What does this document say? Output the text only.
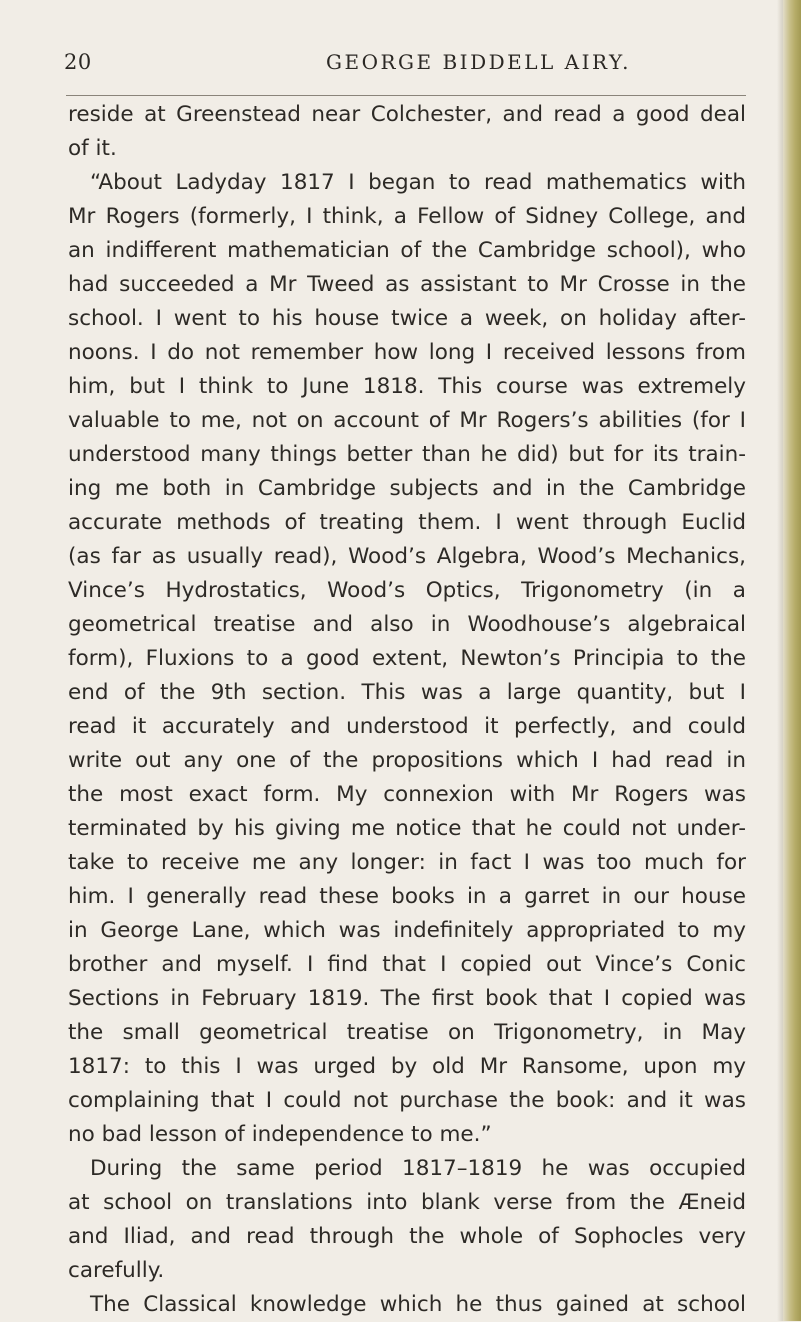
20	GEORGE BIDDELL AIRY.
reside at Greenstead near Colchester, and read a good deal
of it.
“About Ladyday 1817 I began to read mathematics with
Mr Rogers (formerly, I think, a Fellow of Sidney College, and
an indifferent mathematician of the Cambridge school), who
had succeeded a Mr Tweed as assistant to Mr Crosse in the
school. I went to his house twice a week, on holiday after-
noons. I do not remember how long I received lessons from
him, but I think to June 1818. This course was extremely
valuable to me, not on account of Mr Rogers’s abilities (for I
understood many things better than he did) but for its train-
ing me both in Cambridge subjects and in the Cambridge
accurate methods of treating them. I went through Euclid
(as far as usually read), Wood’s Algebra, Wood’s Mechanics,
Vince’s Hydrostatics, Wood’s Optics, Trigonometry (in a
geometrical treatise and also in Woodhouse’s algebraical
form), Fluxions to a good extent, Newton’s Principia to the
end of the 9th section. This was a large quantity, but I
read it accurately and understood it perfectly, and could
write out any one of the propositions which I had read in
the most exact form. My connexion with Mr Rogers was
terminated by his giving me notice that he could not under-
take to receive me any longer: in fact I was too much for
him. I generally read these books in a garret in our house
in George Lane, which was indefinitely appropriated to my
brother and myself. I find that I copied out Vince’s Conic
Sections in February 1819. The first book that I copied was
the small geometrical treatise on Trigonometry, in May
1817: to this I was urged by old Mr Ransome, upon my
complaining that I could not purchase the book: and it was
no bad lesson of independence to me.”
During the same period 1817–1819 he was occupied
at school on translations into blank verse from the Æneid
and Iliad, and read through the whole of Sophocles very
carefully.
The Classical knowledge which he thus gained at school
